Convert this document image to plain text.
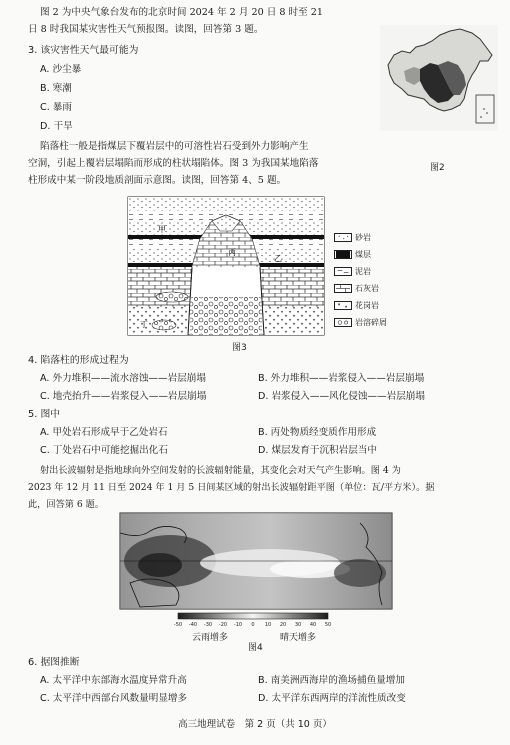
图 2 为中央气象台发布的北京时间 2024 年 2 月 20 日 8 时至 21
日 8 时我国某灾害性天气预报图。读图，回答第 3 题。
3. 该灾害性天气最可能为
A. 沙尘暴
B. 寒潮
C. 暴雨
D. 干旱
图2
陷落柱一般是指煤层下覆岩层中的可溶性岩石受到外力影响产生
空洞，引起上覆岩层塌陷而形成的柱状塌陷体。图 3 为我国某地陷落
柱形成中某一阶段地质剖面示意图。读图，回答第 4、5 题。
甲
乙
丙
丁
砂岩
煤层
泥岩
石灰岩
花岗岩
岩溶碎屑
图3
4. 陷落柱的形成过程为
A. 外力堆积——流水溶蚀——岩层崩塌	B. 外力堆积——岩浆侵入——岩层崩塌
C. 地壳抬升——岩浆侵入——岩层崩塌	D. 岩浆侵入——风化侵蚀——岩层崩塌
5. 图中
A. 甲处岩石形成早于乙处岩石	B. 丙处物质经变质作用形成
C. 丁处岩石中可能挖掘出化石	D. 煤层发育于沉积岩层当中
射出长波辐射是指地球向外空间发射的长波辐射能量，其变化会对天气产生影响。图 4 为
2023 年 12 月 11 日至 2024 年 1 月 5 日间某区域的射出长波辐射距平图（单位：瓦/平方米）。据
此，回答第 6 题。
-50 -40 -30 -20 -10 0 10 20 30 40 50
云雨增多	晴天增多
图4
6. 据图推断
A. 太平洋中东部海水温度异常升高	B. 南美洲西海岸的渔场捕鱼量增加
C. 太平洋中西部台风数量明显增多	D. 太平洋东西两岸的洋流性质改变
高三地理试卷　第 2 页（共 10 页）
